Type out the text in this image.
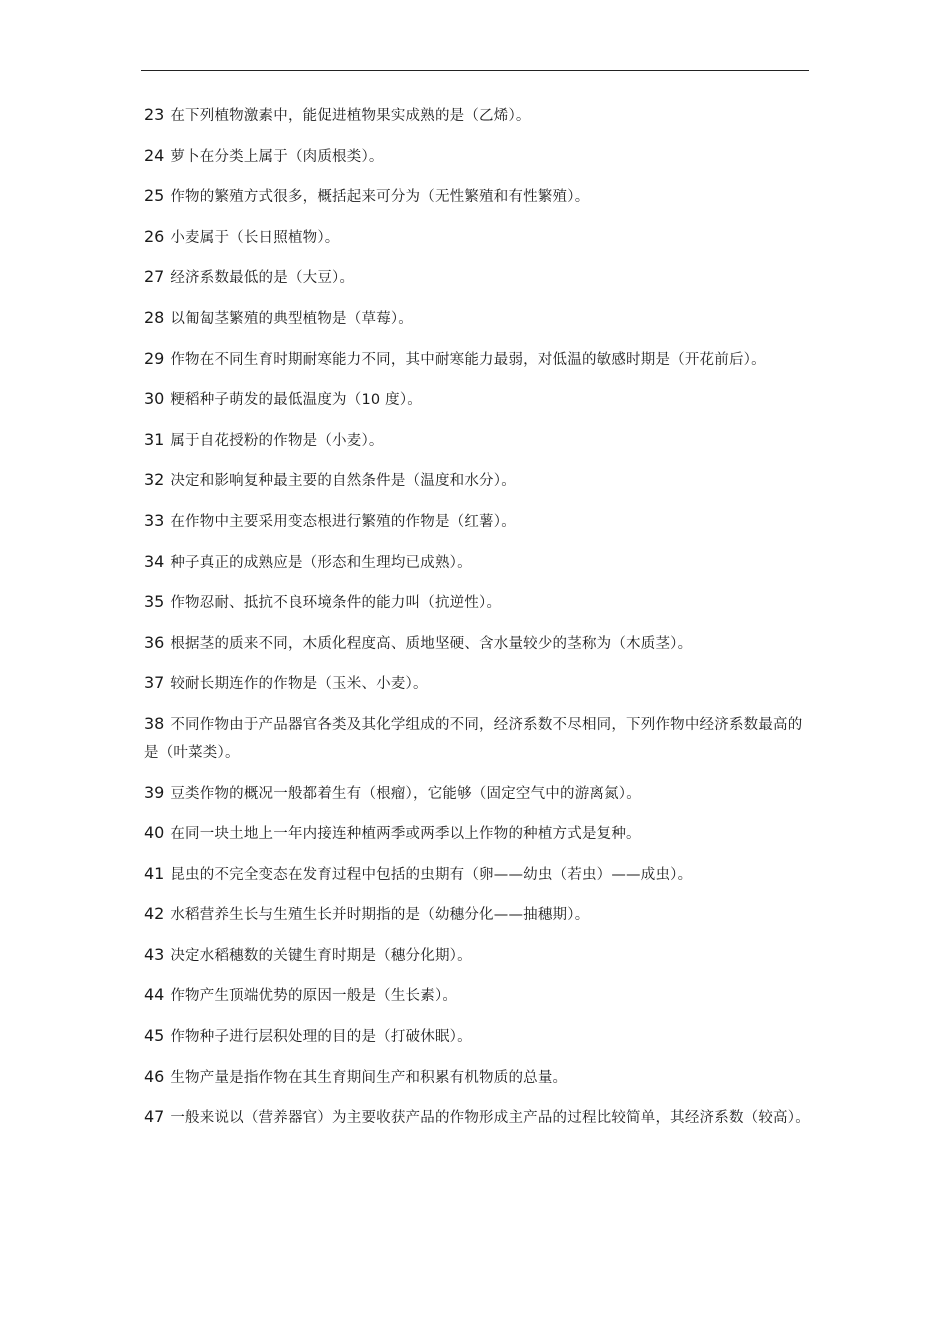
23 在下列植物激素中，能促进植物果实成熟的是（乙烯）。
24 萝卜在分类上属于（肉质根类）。
25 作物的繁殖方式很多，概括起来可分为（无性繁殖和有性繁殖）。
26 小麦属于（长日照植物）。
27 经济系数最低的是（大豆）。
28 以匍匐茎繁殖的典型植物是（草莓）。
29 作物在不同生育时期耐寒能力不同，其中耐寒能力最弱，对低温的敏感时期是（开花前后）。
30 粳稻种子萌发的最低温度为（10 度）。
31 属于自花授粉的作物是（小麦）。
32 决定和影响复种最主要的自然条件是（温度和水分）。
33 在作物中主要采用变态根进行繁殖的作物是（红薯）。
34 种子真正的成熟应是（形态和生理均已成熟）。
35 作物忍耐、抵抗不良环境条件的能力叫（抗逆性）。
36 根据茎的质来不同，木质化程度高、质地坚硬、含水量较少的茎称为（木质茎）。
37 较耐长期连作的作物是（玉米、小麦）。
38 不同作物由于产品器官各类及其化学组成的不同，经济系数不尽相同，下列作物中经济系数最高的是（叶菜类）。
39 豆类作物的概况一般都着生有（根瘤），它能够（固定空气中的游离氮）。
40 在同一块土地上一年内接连种植两季或两季以上作物的种植方式是复种。
41 昆虫的不完全变态在发育过程中包括的虫期有（卵——幼虫（若虫）——成虫）。
42 水稻营养生长与生殖生长并时期指的是（幼穗分化——抽穗期）。
43 决定水稻穗数的关键生育时期是（穗分化期）。
44 作物产生顶端优势的原因一般是（生长素）。
45 作物种子进行层积处理的目的是（打破休眠）。
46 生物产量是指作物在其生育期间生产和积累有机物质的总量。
47 一般来说以（营养器官）为主要收获产品的作物形成主产品的过程比较简单，其经济系数（较高）。
